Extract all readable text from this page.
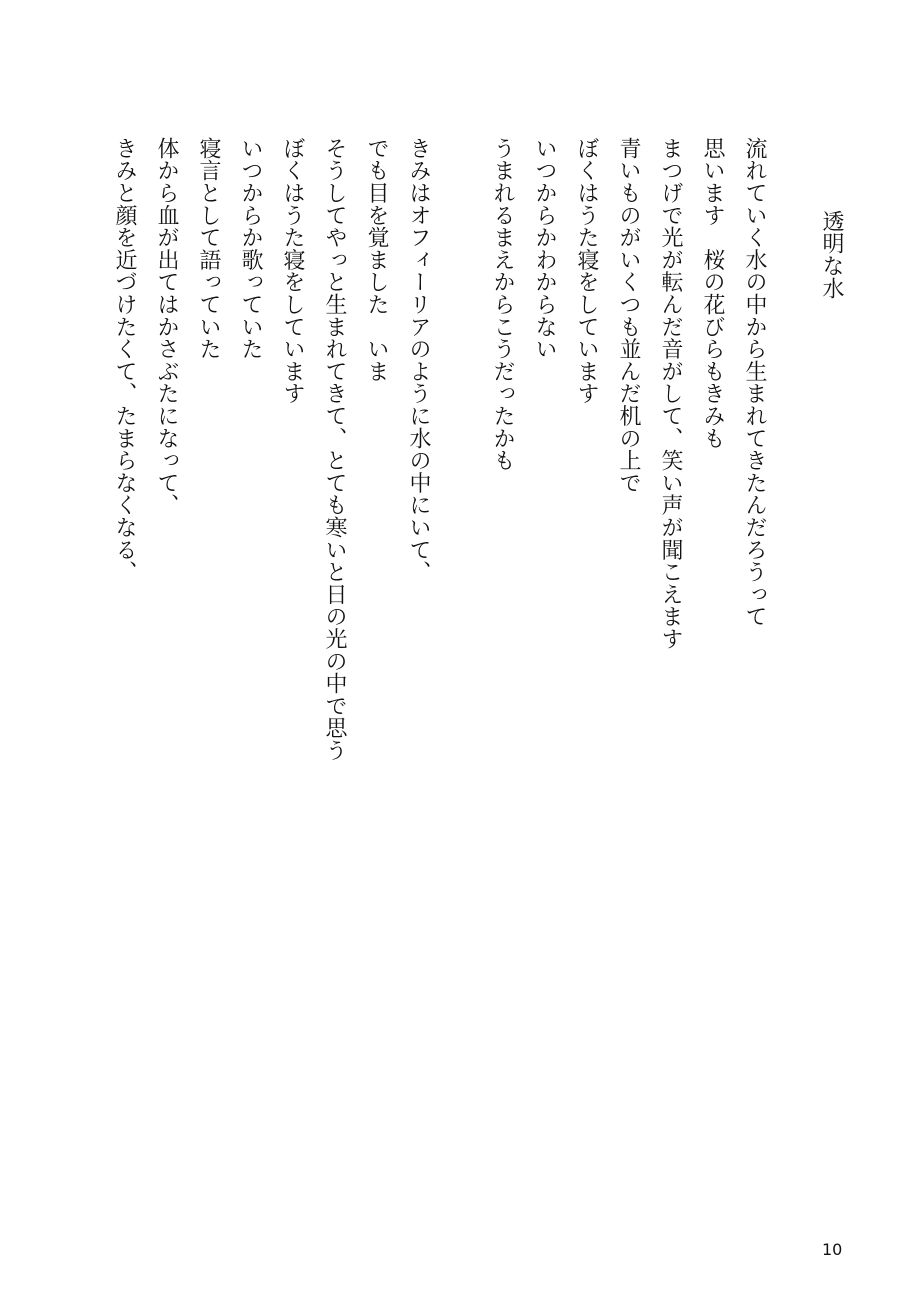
透明な水
流れていく水の中から生まれてきたんだろうって
思います　桜の花びらもきみも
まつげで光が転んだ音がして、笑い声が聞こえます
青いものがいくつも並んだ机の上で
ぼくはうた寝をしています
いつからかわからない
うまれるまえからこうだったかも
きみはオフィーリアのように水の中にいて、
でも目を覚ました　いま
そうしてやっと生まれてきて、とても寒いと日の光の中で思う
ぼくはうた寝をしています
いつからか歌っていた
寝言として語っていた
体から血が出てはかさぶたになって、
きみと顔を近づけたくて、たまらなくなる、
10
